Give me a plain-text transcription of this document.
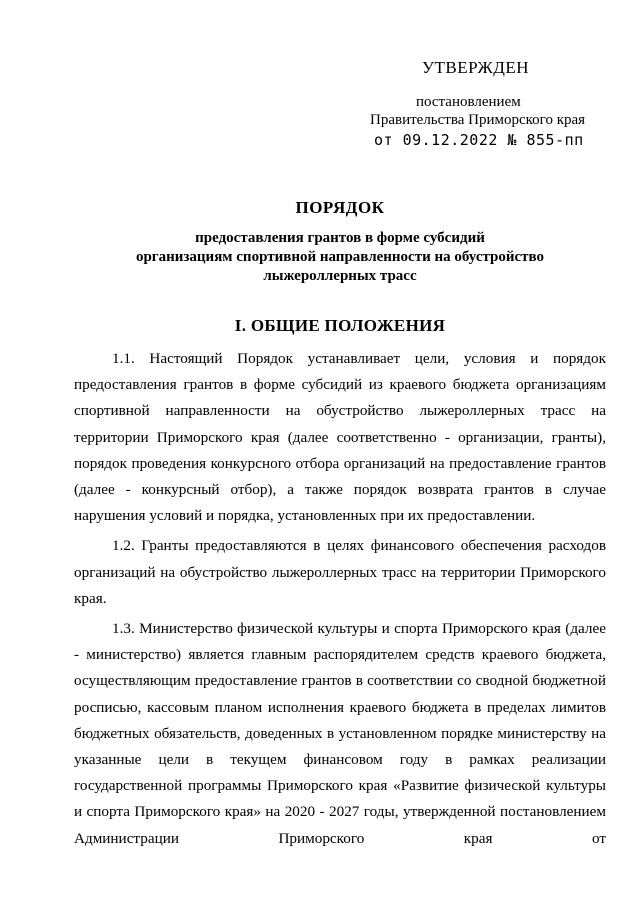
УТВЕРЖДЕН
постановлением
Правительства Приморского края
от 09.12.2022 № 855-пп
ПОРЯДОК
предоставления грантов в форме субсидий
организациям спортивной направленности на обустройство
лыжероллерных трасс
I. ОБЩИЕ ПОЛОЖЕНИЯ

1.1. Настоящий Порядок устанавливает цели, условия и порядок предоставления грантов в форме субсидий из краевого бюджета организациям спортивной направленности на обустройство лыжероллерных трасс на территории Приморского края (далее соответственно - организации, гранты), порядок проведения конкурсного отбора организаций на предоставление грантов (далее - конкурсный отбор), а также порядок возврата грантов в случае нарушения условий и порядка, установленных при их предоставлении.

1.2. Гранты предоставляются в целях финансового обеспечения расходов организаций на обустройство лыжероллерных трасс на территории Приморского края.

1.3. Министерство физической культуры и спорта Приморского края (далее - министерство) является главным распорядителем средств краевого бюджета, осуществляющим предоставление грантов в соответствии со сводной бюджетной росписью, кассовым планом исполнения краевого бюджета в пределах лимитов бюджетных обязательств, доведенных в установленном порядке министерству на указанные цели в текущем финансовом году в рамках реализации государственной программы Приморского края «Развитие физической культуры и спорта Приморского края» на 2020 - 2027 годы, утвержденной постановлением Администрации Приморского края от
